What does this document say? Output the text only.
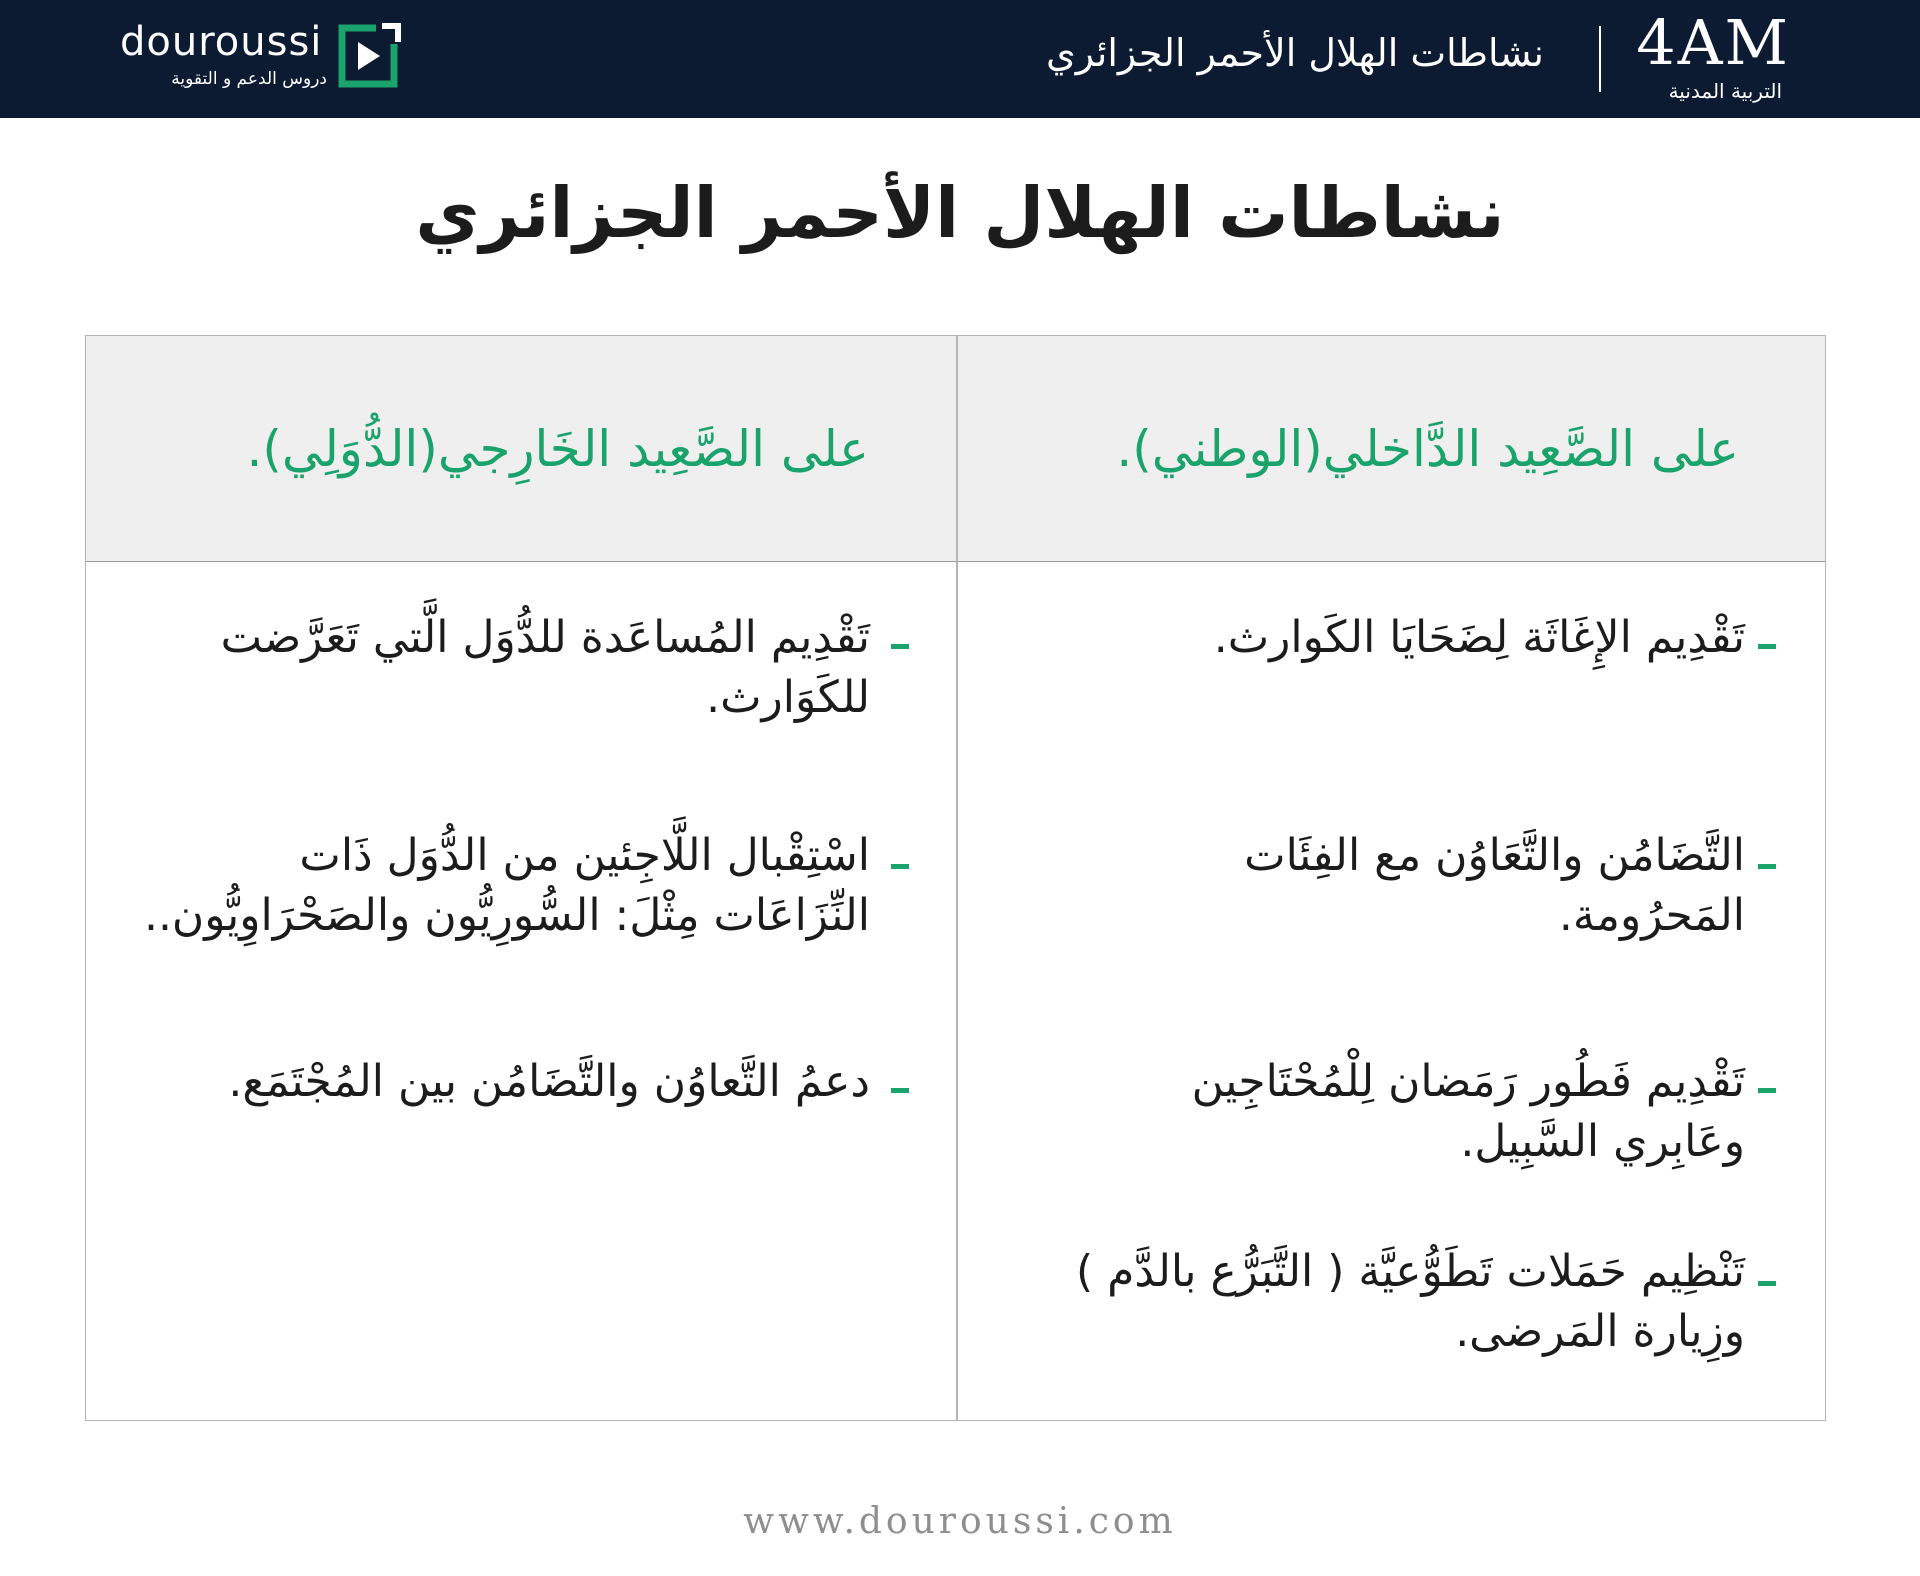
douroussi
دروس الدعم و التقوية
نشاطات الهلال الأحمر الجزائري 4AM
التربية المدنية
نشاطات الهلال الأحمر الجزائري
على الصَّعِيد الدَّاخلي(الوطني).
على الصَّعِيد الخَارِجي(الدُّوَلِي).
تَقْدِيم الإِغَاثَة لِضَحَايَا الكَوارث.
التَّضَامُن والتَّعَاوُن مع الفِئَات المَحرُومة.
تَقْدِيم فَطُور رَمَضان لِلْمُحْتَاجِين وعَابِري السَّبِيل.
تَنْظِيم حَمَلات تَطَوُّعيَّة ( التَّبَرُّع بالدَّم ) وزِيارة المَرضى.
تَقْدِيم المُساعَدة للدُّوَل الَّتي تَعَرَّضت للكَوَارث.
اسْتِقْبال اللَّاجِئين من الدُّوَل ذَات النِّزَاعَات مِثْلَ: السُّورِيُّون والصَحْرَاوِيُّون..
دعمُ التَّعاوُن والتَّضَامُن بين المُجْتَمَع.
www.douroussi.com
